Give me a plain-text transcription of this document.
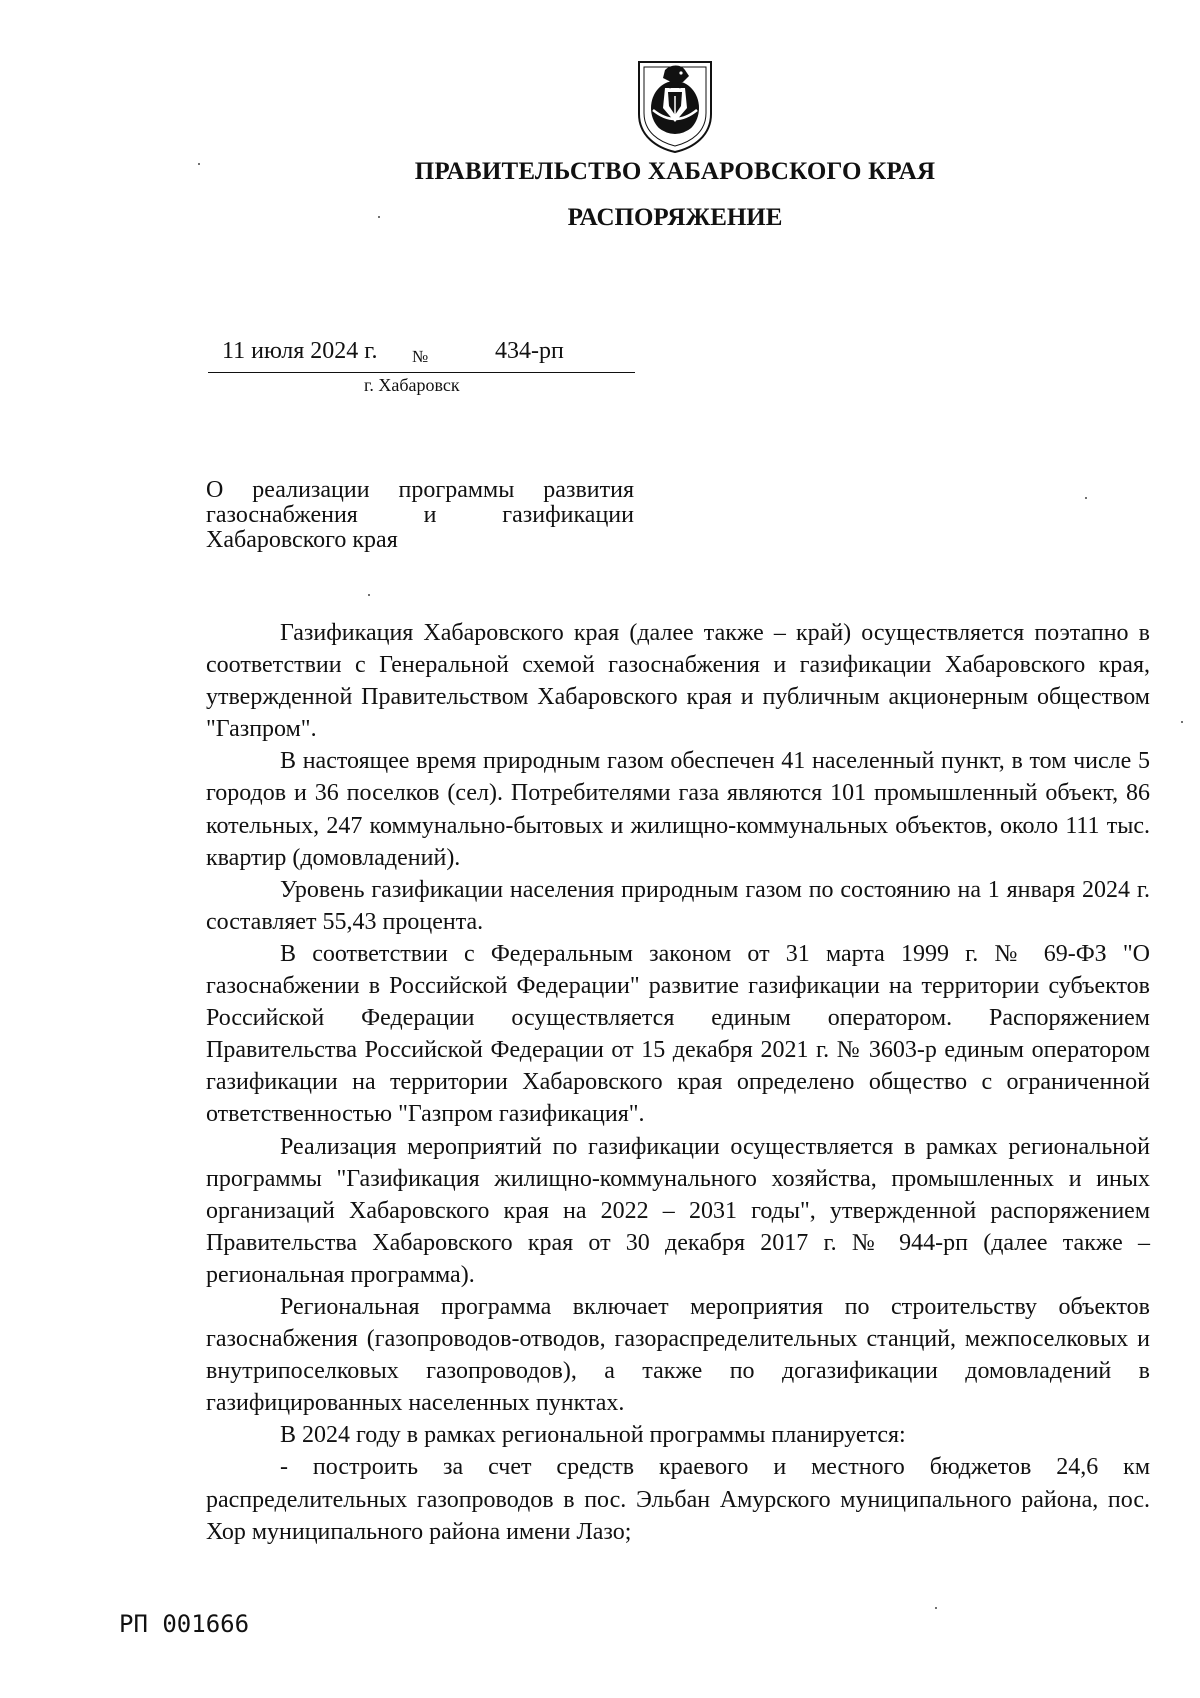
ПРАВИТЕЛЬСТВО ХАБАРОВСКОГО КРАЯ
РАСПОРЯЖЕНИЕ
11 июля 2024 г. №	434-рп
г. Хабаровск
О реализации программы развития
газоснабжения и газификации
Хабаровского края

Газификация Хабаровского края (далее также – край) осуществляется поэтапно в соответствии с Генеральной схемой газоснабжения и газификации Хабаровского края, утвержденной Правительством Хабаровского края и публичным акционерным обществом "Газпром".

В настоящее время природным газом обеспечен 41 населенный пункт, в том числе 5 городов и 36 поселков (сел). Потребителями газа являются 101 промышленный объект, 86 котельных, 247 коммунально-бытовых и жилищно-коммунальных объектов, около 111 тыс. квартир (домовладений).

Уровень газификации населения природным газом по состоянию на 1 января 2024 г. составляет 55,43 процента.

В соответствии с Федеральным законом от 31 марта 1999 г. № 69-ФЗ "О газоснабжении в Российской Федерации" развитие газификации на территории субъектов Российской Федерации осуществляется единым оператором. Распоряжением Правительства Российской Федерации от 15 декабря 2021 г. № 3603-р единым оператором газификации на территории Хабаровского края определено общество с ограниченной ответственностью "Газпром газификация".

Реализация мероприятий по газификации осуществляется в рамках региональной программы "Газификация жилищно-коммунального хозяйства, промышленных и иных организаций Хабаровского края на 2022 – 2031 годы", утвержденной распоряжением Правительства Хабаровского края от 30 декабря 2017 г. № 944-рп (далее также – региональная программа).

Региональная программа включает мероприятия по строительству объектов газоснабжения (газопроводов-отводов, газораспределительных станций, межпоселковых и внутрипоселковых газопроводов), а также по догазификации домовладений в газифицированных населенных пунктах.

В 2024 году в рамках региональной программы планируется:

- построить за счет средств краевого и местного бюджетов 24,6 км распределительных газопроводов в пос. Эльбан Амурского муниципального района, пос. Хор муниципального района имени Лазо;

РП 001666
